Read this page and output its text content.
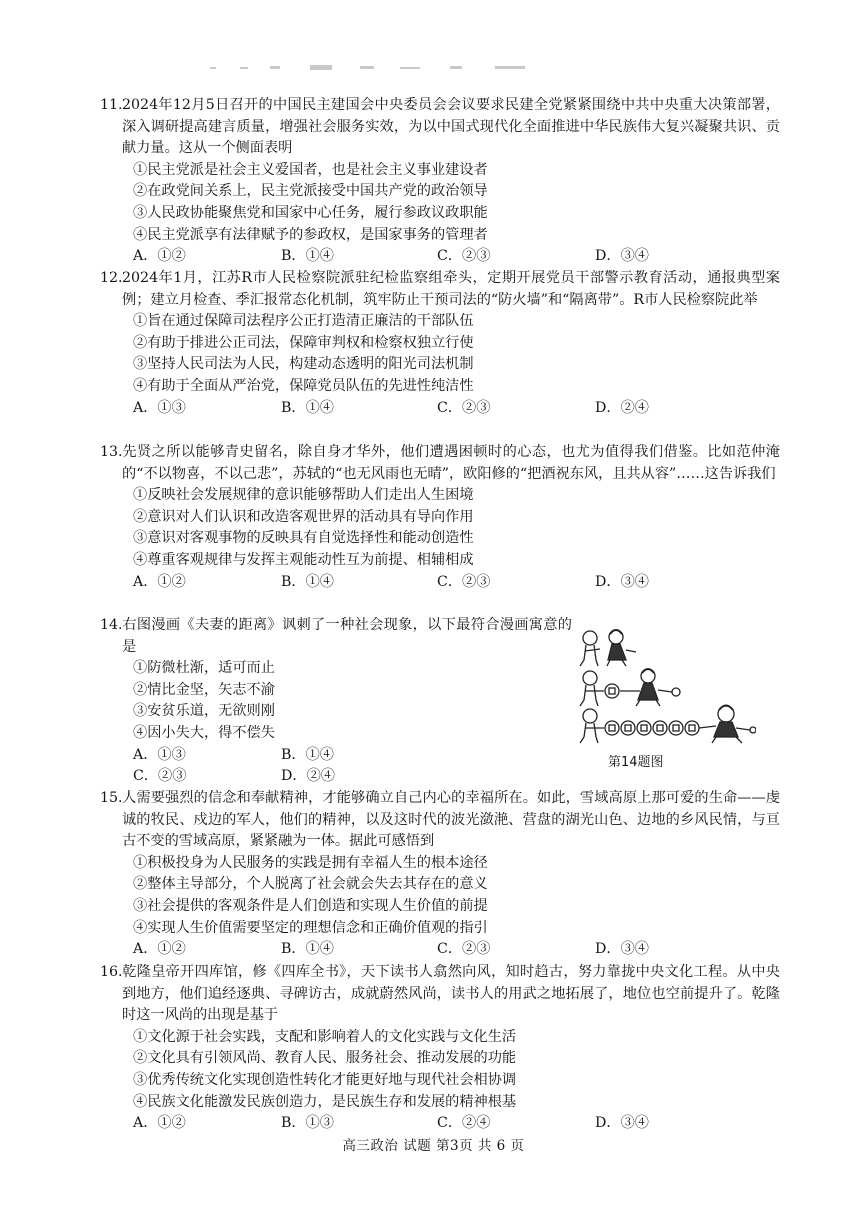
11.2024年12月5日召开的中国民主建国会中央委员会会议要求民建全党紧紧围绕中共中央重大决策部署，深入调研提高建言质量，增强社会服务实效，为以中国式现代化全面推进中华民族伟大复兴凝聚共识、贡献力量。这从一个侧面表明

①民主党派是社会主义爱国者，也是社会主义事业建设者

②在政党间关系上，民主党派接受中国共产党的政治领导

③人民政协能聚焦党和国家中心任务，履行参政议政职能

④民主党派享有法律赋予的参政权，是国家事务的管理者

A．①②	B．①④	C．②③	D．③④

12.2024年1月，江苏R市人民检察院派驻纪检监察组牵头，定期开展党员干部警示教育活动，通报典型案例；建立月检查、季汇报常态化机制，筑牢防止干预司法的“防火墙”和“隔离带”。R市人民检察院此举

①旨在通过保障司法程序公正打造清正廉洁的干部队伍

②有助于排进公正司法，保障审判权和检察权独立行使

③坚持人民司法为人民，构建动态透明的阳光司法机制

④有助于全面从严治党，保障党员队伍的先进性纯洁性

A．①③	B．①④	C．②③	D．②④

13.先贤之所以能够青史留名，除自身才华外，他们遭遇困顿时的心态，也尤为值得我们借鉴。比如范仲淹的“不以物喜，不以己悲”，苏轼的“也无风雨也无晴”，欧阳修的“把酒祝东风，且共从容”……这告诉我们

①反映社会发展规律的意识能够帮助人们走出人生困境

②意识对人们认识和改造客观世界的活动具有导向作用

③意识对客观事物的反映具有自觉选择性和能动创造性

④尊重客观规律与发挥主观能动性互为前提、相辅相成

A．①②	B．①④	C．②③	D．③④

14.右图漫画《夫妻的距离》讽刺了一种社会现象，以下最符合漫画寓意的是

①防微杜渐，适可而止

②情比金坚，矢志不渝

③安贫乐道，无欲则刚

④因小失大，得不偿失

A．①③	B．①④
C．②③	D．②④
第14题图

15.人需要强烈的信念和奉献精神，才能够确立自己内心的幸福所在。如此，雪域高原上那可爱的生命——虔诚的牧民、戍边的军人，他们的精神，以及这时代的波光潋滟、营盘的湖光山色、边地的乡风民情，与亘古不变的雪域高原，紧紧融为一体。据此可感悟到

①积极投身为人民服务的实践是拥有幸福人生的根本途径

②整体主导部分，个人脱离了社会就会失去其存在的意义

③社会提供的客观条件是人们创造和实现人生价值的前提

④实现人生价值需要坚定的理想信念和正确价值观的指引

A．①②	B．①④	C．②③	D．③④

16.乾隆皇帝开四库馆，修《四库全书》，天下读书人翕然向风，知时趋古，努力靠拢中央文化工程。从中央到地方，他们追经逐典、寻碑访古，成就蔚然风尚，读书人的用武之地拓展了，地位也空前提升了。乾隆时这一风尚的出现是基于

①文化源于社会实践，支配和影响着人的文化实践与文化生活

②文化具有引领风尚、教育人民、服务社会、推动发展的功能

③优秀传统文化实现创造性转化才能更好地与现代社会相协调

④民族文化能激发民族创造力，是民族生存和发展的精神根基

A．①②	B．①③	C．②④	D．③④
高三政治 试题 第3页 共 6 页
